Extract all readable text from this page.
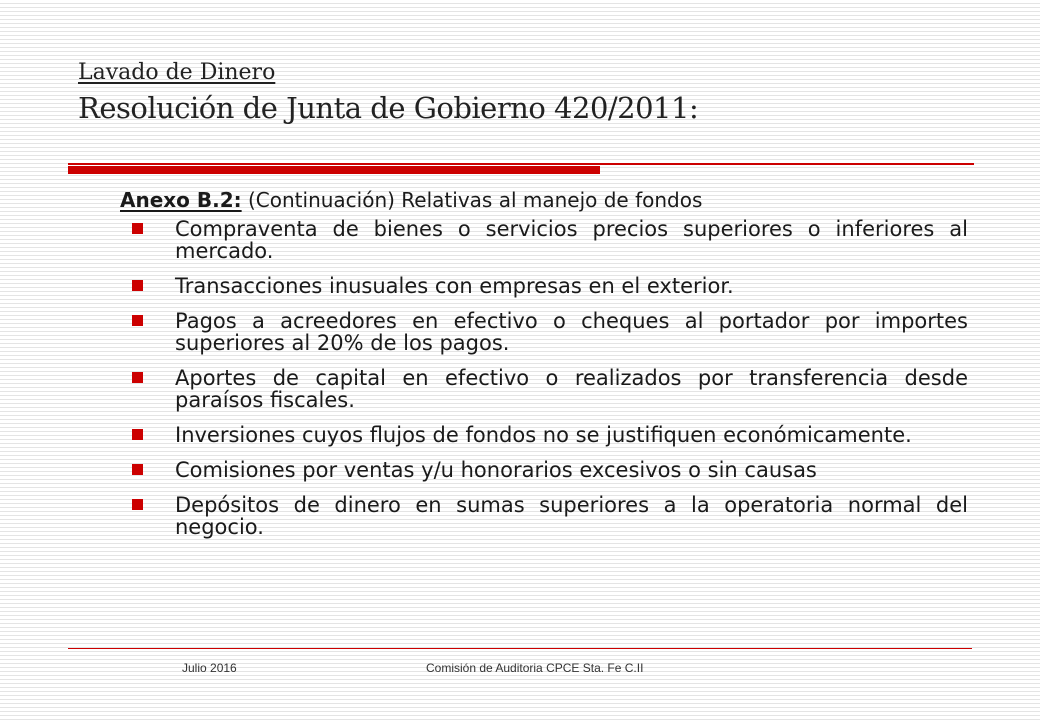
Lavado de Dinero
Resolución de Junta de Gobierno 420/2011:
Anexo B.2: (Continuación) Relativas al manejo de fondos
Compraventa de bienes o servicios precios superiores o inferiores al mercado.
Transacciones inusuales con empresas en el exterior.
Pagos a acreedores en efectivo o cheques al portador por importes superiores al 20% de los pagos.
Aportes de capital en efectivo o realizados por transferencia desde paraísos fiscales.
Inversiones cuyos flujos de fondos no se justifiquen económicamente.
Comisiones por ventas y/u honorarios excesivos o sin causas
Depósitos de dinero en sumas superiores a la operatoria normal del negocio.
Julio 2016	Comisión de Auditoria CPCE Sta. Fe C.II
